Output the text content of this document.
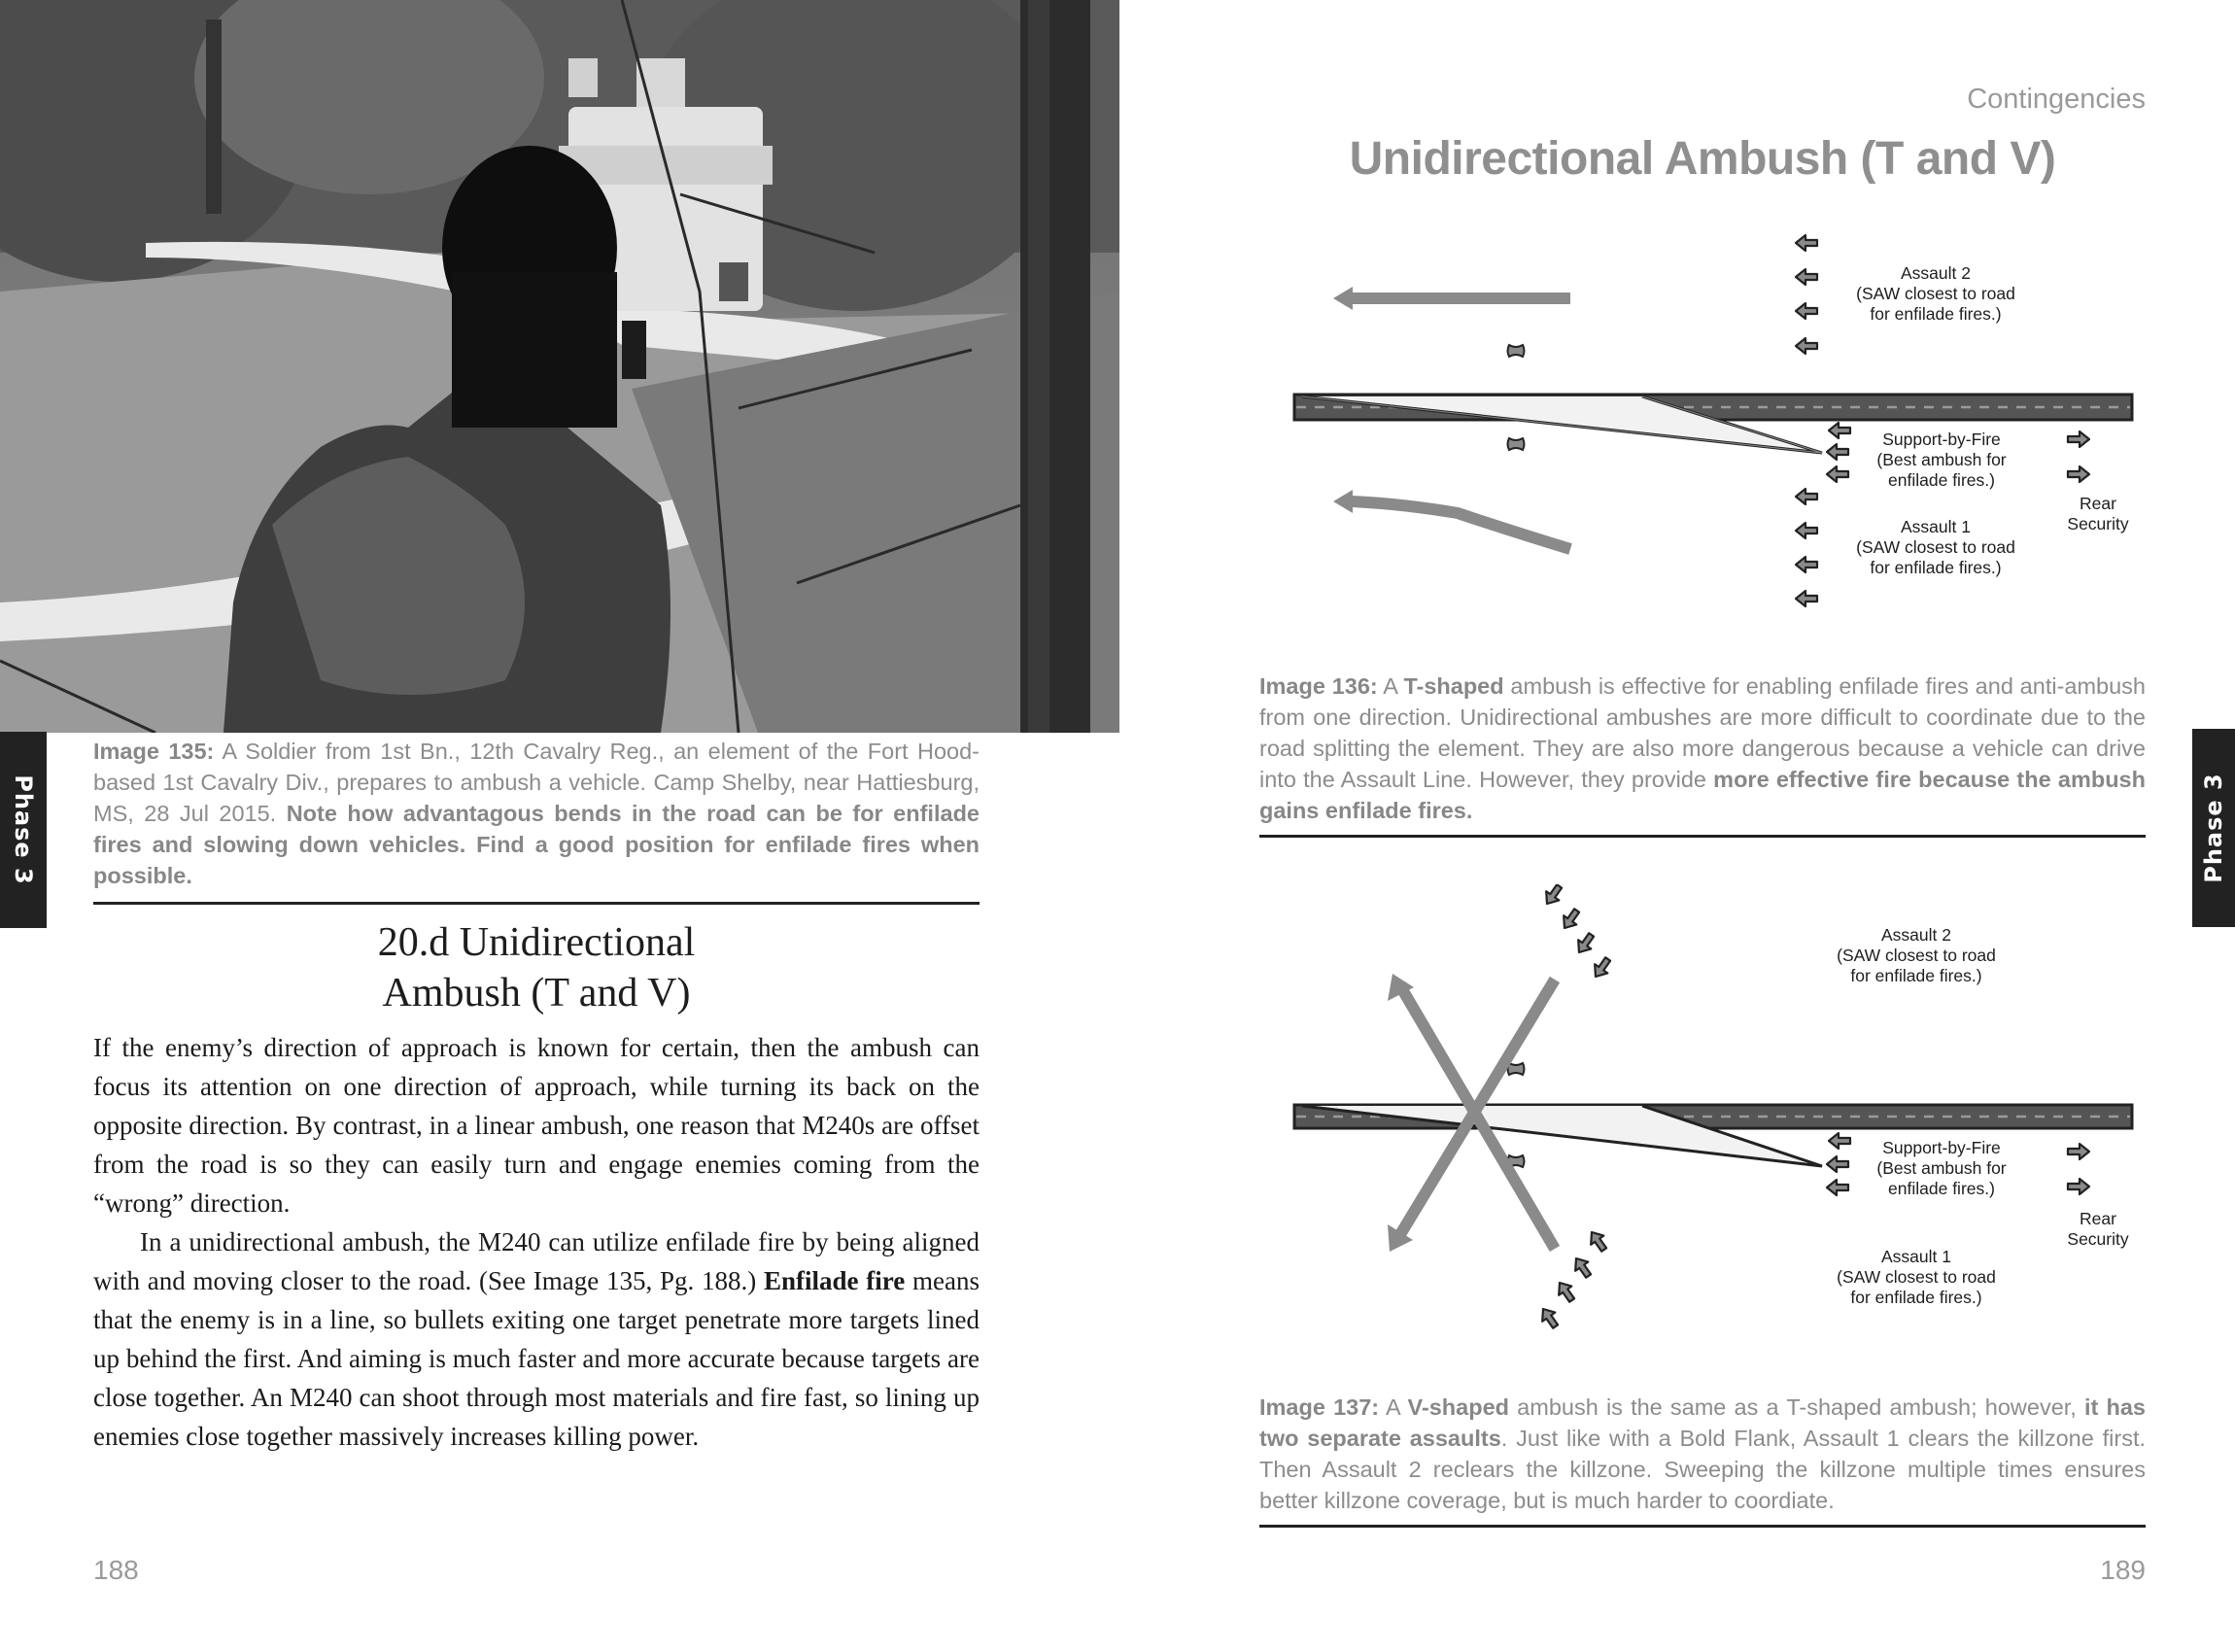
Phase 3
Image 135: A Soldier from 1st Bn., 12th Cavalry Reg., an element of the Fort Hood-based 1st Cavalry Div., prepares to ambush a vehicle. Camp Shelby, near Hattiesburg, MS, 28 Jul 2015. Note how advantagous bends in the road can be for enfilade fires and slowing down vehicles. Find a good position for enfilade fires when possible.
20.d Unidirectional
Ambush (T and V)

If the enemy’s direction of approach is known for certain, then the ambush can focus its attention on one direction of approach, while turning its back on the opposite direction. By contrast, in a linear ambush, one reason that M240s are offset from the road is so they can easily turn and engage enemies coming from the “wrong” direction.

In a unidirectional ambush, the M240 can utilize enfilade fire by being aligned with and moving closer to the road. (See Image 135, Pg. 188.) Enfilade fire means that the enemy is in a line, so bullets exiting one target penetrate more targets lined up behind the first. And aiming is much faster and more accurate because targets are close together. An M240 can shoot through most materials and fire fast, so lining up enemies close together massively increases killing power.

188
Contingencies
Unidirectional Ambush (T and V)
Assault 2
(SAW closest to road
for enfilade fires.)
Support-by-Fire
(Best ambush for
enfilade fires.)
Assault 1
(SAW closest to road
for enfilade fires.)
Rear
Security
Image 136: A T-shaped ambush is effective for enabling enfilade fires and anti-ambush from one direction. Unidirectional ambushes are more difficult to coordinate due to the road splitting the element. They are also more dangerous because a vehicle can drive into the Assault Line. However, they provide more effective fire because the ambush gains enfilade fires.
Assault 2
(SAW closest to road
for enfilade fires.)
Support-by-Fire
(Best ambush for
enfilade fires.)
Assault 1
(SAW closest to road
for enfilade fires.)
Rear
Security
Image 137: A V-shaped ambush is the same as a T-shaped ambush; however, it has two separate assaults. Just like with a Bold Flank, Assault 1 clears the killzone first. Then Assault 2 reclears the killzone. Sweeping the killzone multiple times ensures better killzone coverage, but is much harder to coordiate.
189
Phase 3
